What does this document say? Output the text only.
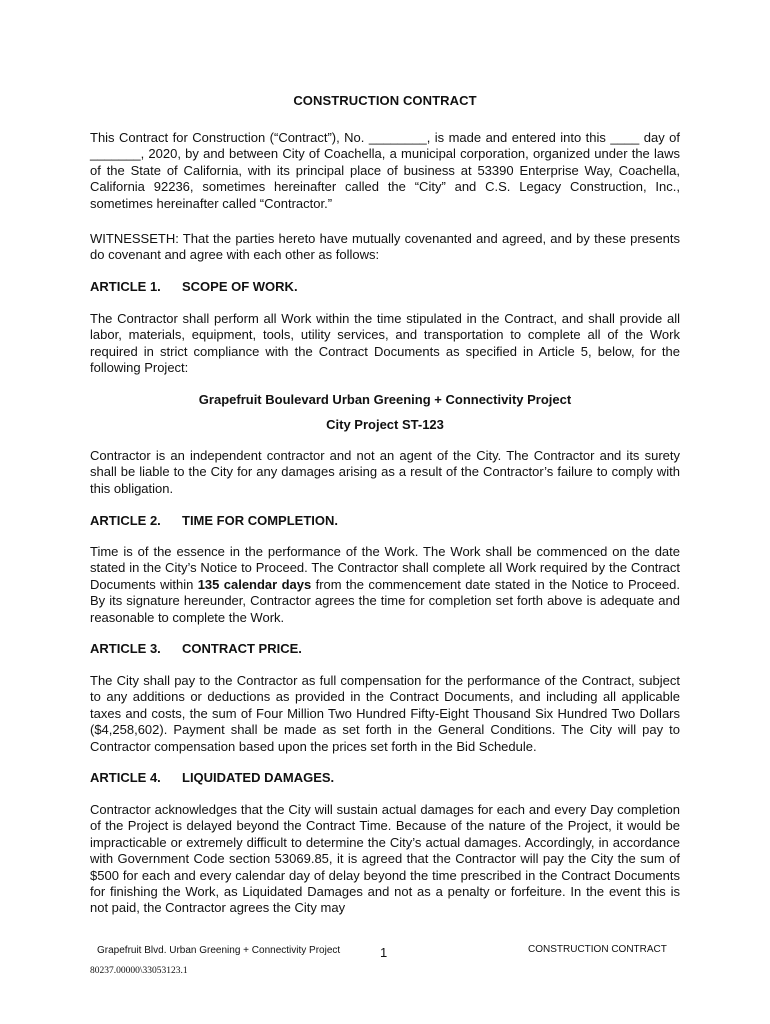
CONSTRUCTION CONTRACT

This Contract for Construction (“Contract”), No. ________, is made and entered into this ____ day of _______, 2020, by and between City of Coachella, a municipal corporation, organized under the laws of the State of California, with its principal place of business at 53390 Enterprise Way, Coachella, California 92236, sometimes hereinafter called the “City” and C.S. Legacy Construction, Inc., sometimes hereinafter called “Contractor.”

WITNESSETH: That the parties hereto have mutually covenanted and agreed, and by these presents do covenant and agree with each other as follows:

ARTICLE 1. SCOPE OF WORK.

The Contractor shall perform all Work within the time stipulated in the Contract, and shall provide all labor, materials, equipment, tools, utility services, and transportation to complete all of the Work required in strict compliance with the Contract Documents as specified in Article 5, below, for the following Project:

Grapefruit Boulevard Urban Greening + Connectivity Project

City Project ST-123

Contractor is an independent contractor and not an agent of the City. The Contractor and its surety shall be liable to the City for any damages arising as a result of the Contractor’s failure to comply with this obligation.

ARTICLE 2. TIME FOR COMPLETION.

Time is of the essence in the performance of the Work. The Work shall be commenced on the date stated in the City’s Notice to Proceed. The Contractor shall complete all Work required by the Contract Documents within 135 calendar days from the commencement date stated in the Notice to Proceed. By its signature hereunder, Contractor agrees the time for completion set forth above is adequate and reasonable to complete the Work.

ARTICLE 3. CONTRACT PRICE.

The City shall pay to the Contractor as full compensation for the performance of the Contract, subject to any additions or deductions as provided in the Contract Documents, and including all applicable taxes and costs, the sum of Four Million Two Hundred Fifty-Eight Thousand Six Hundred Two Dollars ($4,258,602). Payment shall be made as set forth in the General Conditions. The City will pay to Contractor compensation based upon the prices set forth in the Bid Schedule.

ARTICLE 4. LIQUIDATED DAMAGES.

Contractor acknowledges that the City will sustain actual damages for each and every Day completion of the Project is delayed beyond the Contract Time. Because of the nature of the Project, it would be impracticable or extremely difficult to determine the City’s actual damages. Accordingly, in accordance with Government Code section 53069.85, it is agreed that the Contractor will pay the City the sum of $500 for each and every calendar day of delay beyond the time prescribed in the Contract Documents for finishing the Work, as Liquidated Damages and not as a penalty or forfeiture. In the event this is not paid, the Contractor agrees the City may

Grapefruit Blvd. Urban Greening + Connectivity Project	1	CONSTRUCTION CONTRACT
80237.00000\33053123.1
